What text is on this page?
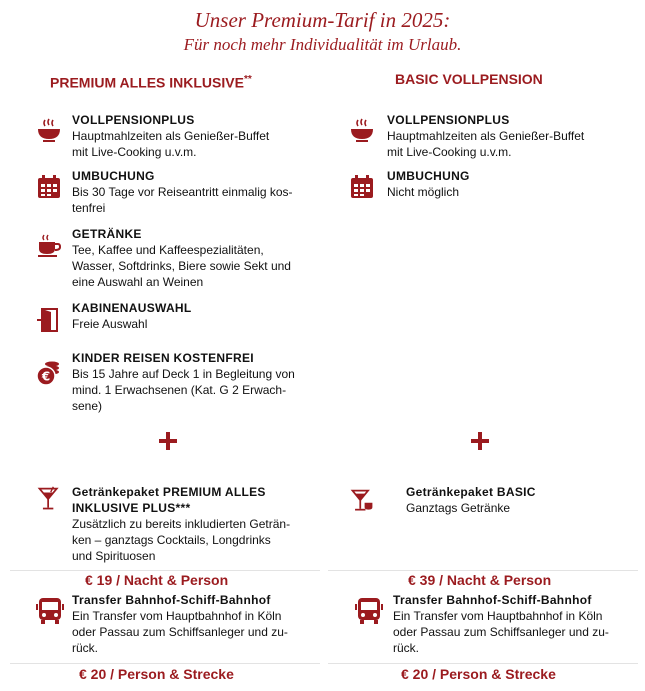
Unser Premium-Tarif in 2025:
Für noch mehr Individualität im Urlaub.
PREMIUM ALLES INKLUSIVE**	BASIC VOLLPENSION
VOLLPENSIONPLUS
Hauptmahlzeiten als Genießer-Buffet
mit Live-Cooking u.v.m.
UMBUCHUNG
Bis 30 Tage vor Reiseantritt einmalig kos-
tenfrei
GETRÄNKE
Tee, Kaffee und Kaffeespezialitäten,
Wasser, Softdrinks, Biere sowie Sekt und
eine Auswahl an Weinen
KABINENAUSWAHL
Freie Auswahl
€
KINDER REISEN KOSTENFREI
Bis 15 Jahre auf Deck 1 in Begleitung von
mind. 1 Erwachsenen (Kat. G 2 Erwach-
sene)
Getränkepaket PREMIUM ALLES
INKLUSIVE PLUS***
Zusätzlich zu bereits inkludierten Geträn-
ken – ganztags Cocktails, Longdrinks
und Spirituosen
€ 19 / Nacht & Person
Transfer Bahnhof-Schiff-Bahnhof
Ein Transfer vom Hauptbahnhof in Köln
oder Passau zum Schiffsanleger und zu-
rück.
€ 20 / Person & Strecke
VOLLPENSIONPLUS
Hauptmahlzeiten als Genießer-Buffet
mit Live-Cooking u.v.m.
UMBUCHUNG
Nicht möglich
Getränkepaket BASIC
Ganztags Getränke
€ 39 / Nacht & Person
Transfer Bahnhof-Schiff-Bahnhof
Ein Transfer vom Hauptbahnhof in Köln
oder Passau zum Schiffsanleger und zu-
rück.
€ 20 / Person & Strecke
